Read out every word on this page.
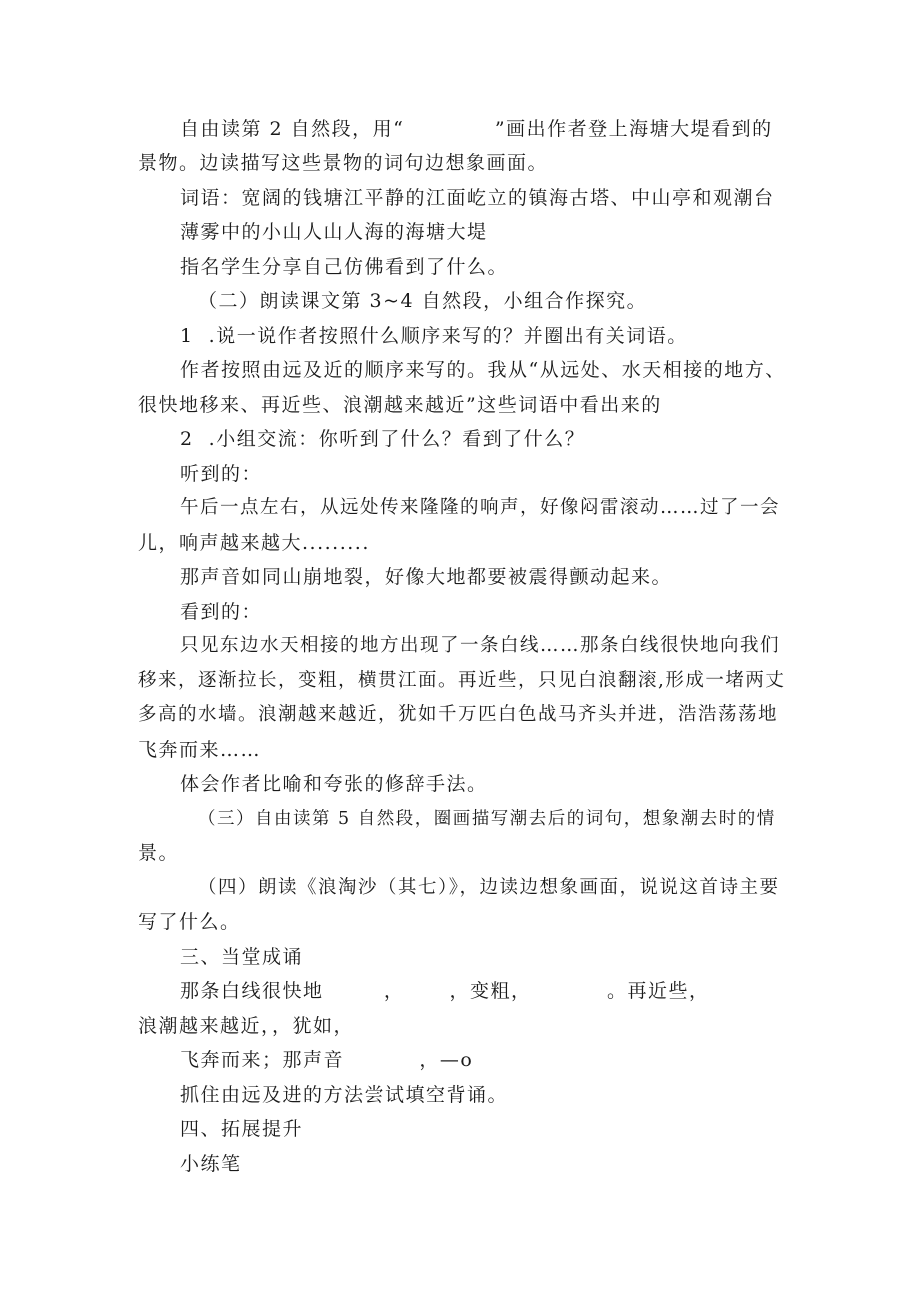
自由读第 2 自然段，用“            ”画出作者登上海塘大堤看到的
景物。边读描写这些景物的词句边想象画面。
词语：宽阔的钱塘江平静的江面屹立的镇海古塔、中山亭和观潮台
薄雾中的小山人山人海的海塘大堤
指名学生分享自己仿佛看到了什么。
（二）朗读课文第 3~4 自然段，小组合作探究。
1  .说一说作者按照什么顺序来写的？并圈出有关词语。
作者按照由远及近的顺序来写的。我从“从远处、水天相接的地方、
很快地移来、再近些、浪潮越来越近”这些词语中看出来的
2  .小组交流：你听到了什么？看到了什么？
听到的：
午后一点左右，从远处传来隆隆的响声，好像闷雷滚动……过了一会
儿，响声越来越大.........
那声音如同山崩地裂，好像大地都要被震得颤动起来。
看到的：
只见东边水天相接的地方出现了一条白线……那条白线很快地向我们
移来，逐渐拉长，变粗，横贯江面。再近些，只见白浪翻滚,形成一堵两丈
多高的水墙。浪潮越来越近，犹如千万匹白色战马齐头并进，浩浩荡荡地
飞奔而来……
体会作者比喻和夸张的修辞手法。
（三）自由读第 5 自然段，圈画描写潮去后的词句，想象潮去时的情
景。
（四）朗读《浪淘沙（其七）》，边读边想象画面，说说这首诗主要
写了什么。
三、当堂成诵
那条白线很快地        ，      ，变粗，          。再近些，
浪潮越来越近，，犹如，
飞奔而来；那声音          ，—o
抓住由远及进的方法尝试填空背诵。
四、拓展提升
小练笔
